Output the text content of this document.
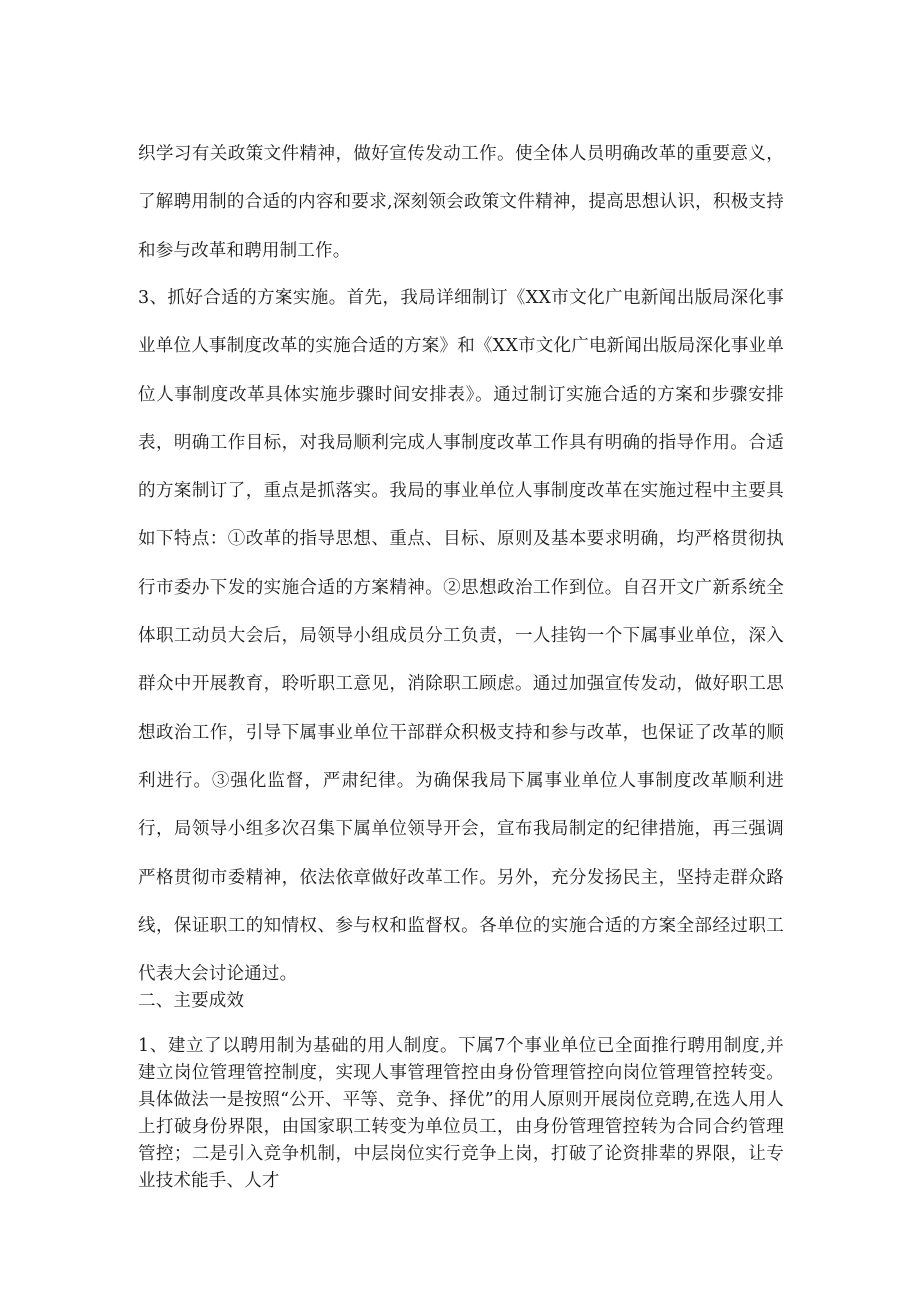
织学习有关政策文件精神，做好宣传发动工作。使全体人员明确改革的重要意义，了解聘用制的合适的内容和要求,深刻领会政策文件精神，提高思想认识，积极支持和参与改革和聘用制工作。

3、抓好合适的方案实施。首先，我局详细制订《XX市文化广电新闻出版局深化事业单位人事制度改革的实施合适的方案》和《XX市文化广电新闻出版局深化事业单位人事制度改革具体实施步骤时间安排表》。通过制订实施合适的方案和步骤安排表，明确工作目标，对我局顺利完成人事制度改革工作具有明确的指导作用。合适的方案制订了，重点是抓落实。我局的事业单位人事制度改革在实施过程中主要具如下特点：①改革的指导思想、重点、目标、原则及基本要求明确，均严格贯彻执行市委办下发的实施合适的方案精神。②思想政治工作到位。自召开文广新系统全体职工动员大会后，局领导小组成员分工负责，一人挂钩一个下属事业单位，深入群众中开展教育，聆听职工意见，消除职工顾虑。通过加强宣传发动，做好职工思想政治工作，引导下属事业单位干部群众积极支持和参与改革，也保证了改革的顺利进行。③强化监督，严肃纪律。为确保我局下属事业单位人事制度改革顺利进行，局领导小组多次召集下属单位领导开会，宣布我局制定的纪律措施，再三强调严格贯彻市委精神，依法依章做好改革工作。另外，充分发扬民主，坚持走群众路线，保证职工的知情权、参与权和监督权。各单位的实施合适的方案全部经过职工代表大会讨论通过。

二、主要成效

1、建立了以聘用制为基础的用人制度。下属7个事业单位已全面推行聘用制度,并建立岗位管理管控制度，实现人事管理管控由身份管理管控向岗位管理管控转变。具体做法一是按照“公开、平等、竞争、择优”的用人原则开展岗位竞聘,在选人用人上打破身份界限，由国家职工转变为单位员工，由身份管理管控转为合同合约管理管控；二是引入竞争机制，中层岗位实行竞争上岗，打破了论资排辈的界限，让专业技术能手、人才
